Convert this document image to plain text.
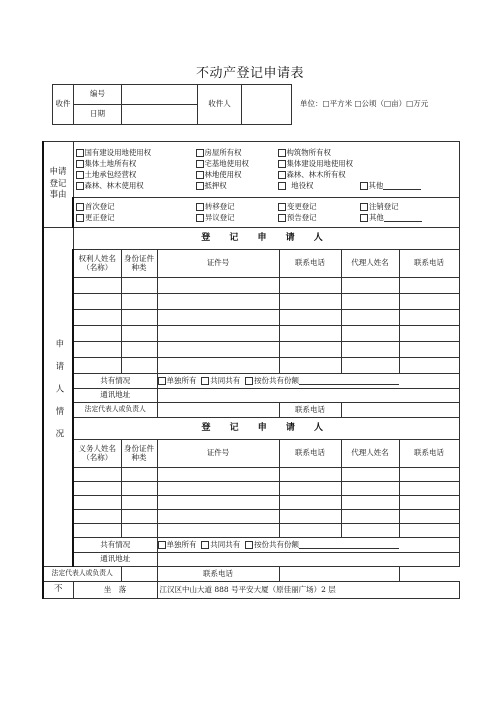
不动产登记申请表
收件	编号		收件人	
	日期			
单位：□平方米 □公顷（□亩）□万元
申请登记事由	
国有建设用地使用权	房屋所有权	构筑物所有权
集体土地所有权	宅基地使用权	集体建设用地使用权
土地承包经营权	林地使用权	森林、林木所有权
森林、林木使用权	抵押权	地役权	其他

首次登记	转移登记	变更登记	注销登记
更正登记	异议登记	预告登记	其他

申请人情况	登 记 申 请 人
权利人姓名（名称）	身份证件种类	证件号	联系电话	代理人姓名	联系电话

共有情况	单独所有 共同共有 按份共有份额
通讯地址	
法定代表人或负责人		联系电话	
登 记 申 请 人
义务人姓名（名称）	身份证件种类	证件号	联系电话	代理人姓名	联系电话

共有情况	单独所有 共同共有 按份共有份额
通讯地址	
法定代表人或负责人		联系电话	
不	坐　落	江汉区中山大道 888 号平安大厦（原佳丽广场）2 层
